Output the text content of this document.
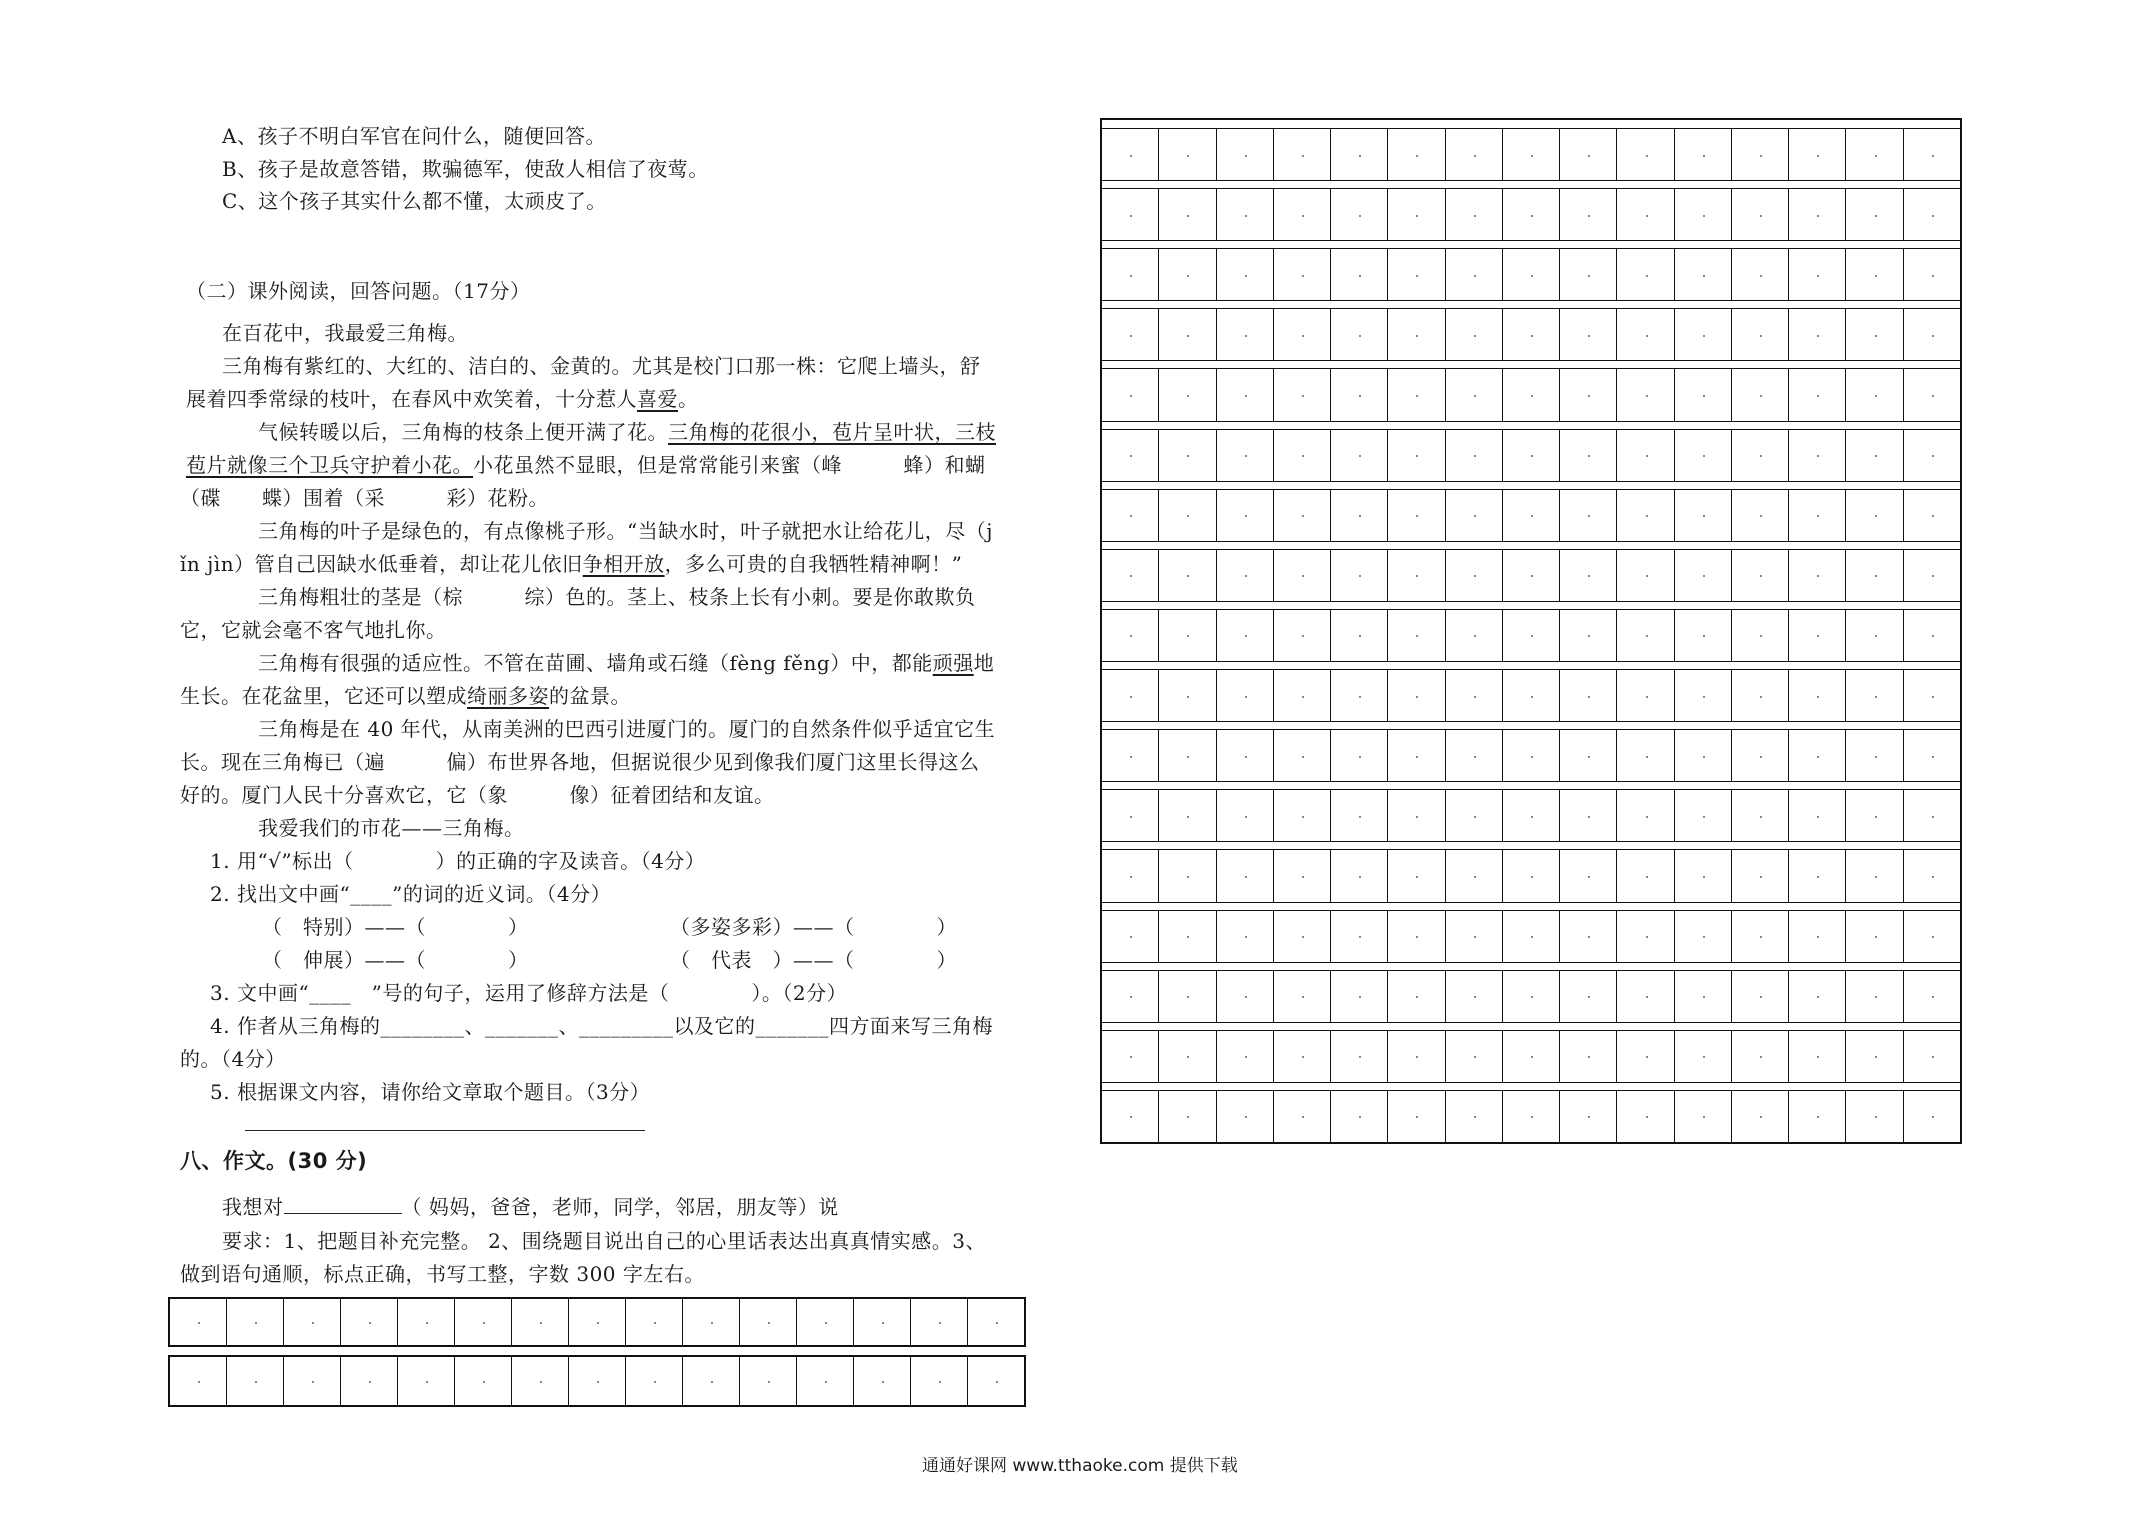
A、孩子不明白军官在问什么，随便回答。
B、孩子是故意答错，欺骗德军，使敌人相信了夜莺。
C、这个孩子其实什么都不懂，太顽皮了。
（二）课外阅读，回答问题。（17分）
在百花中，我最爱三角梅。
三角梅有紫红的、大红的、洁白的、金黄的。尤其是校门口那一株：它爬上墙头，舒
展着四季常绿的枝叶，在春风中欢笑着，十分惹人喜爱。
气候转暖以后，三角梅的枝条上便开满了花。三角梅的花很小，苞片呈叶状，三枝
苞片就像三个卫兵守护着小花。小花虽然不显眼，但是常常能引来蜜（峰　　　蜂）和蝴
（碟　　蝶）围着（采　　　彩）花粉。
三角梅的叶子是绿色的，有点像桃子形。“当缺水时，叶子就把水让给花儿，尽（j
ǐn jìn）管自己因缺水低垂着，却让花儿依旧争相开放，多么可贵的自我牺牲精神啊！”
三角梅粗壮的茎是（棕　　　综）色的。茎上、枝条上长有小刺。要是你敢欺负
它，它就会毫不客气地扎你。
三角梅有很强的适应性。不管在苗圃、墙角或石缝（fèng fěng）中，都能顽强地
生长。在花盆里，它还可以塑成绮丽多姿的盆景。
三角梅是在 40 年代，从南美洲的巴西引进厦门的。厦门的自然条件似乎适宜它生
长。现在三角梅已（遍　　　偏）布世界各地，但据说很少见到像我们厦门这里长得这么
好的。厦门人民十分喜欢它，它（象　　　像）征着团结和友谊。
我爱我们的市花——三角梅。
1. 用“√”标出（　　　　）的正确的字及读音。（4分）
2. 找出文中画“____”的词的近义词。（4分）
（　特别）——（　　　　）	（多姿多彩）——（　　　　）
（　伸展）——（　　　　）	（　代表　）——（　　　　）
3. 文中画“____　”号的句子，运用了修辞方法是（　　　　）。（2分）
4. 作者从三角梅的________、_______、_________以及它的_______四方面来写三角梅
的。（4分）
5. 根据课文内容，请你给文章取个题目。（3分）
八、作文。(30 分)
我想对	（ 妈妈，爸爸，老师，同学，邻居，朋友等）说
要求：1、把题目补充完整。 2、围绕题目说出自己的心里话表达出真真情实感。3、
做到语句通顺，标点正确，书写工整，字数 300 字左右。
通通好课网 www.tthaoke.com 提供下载
